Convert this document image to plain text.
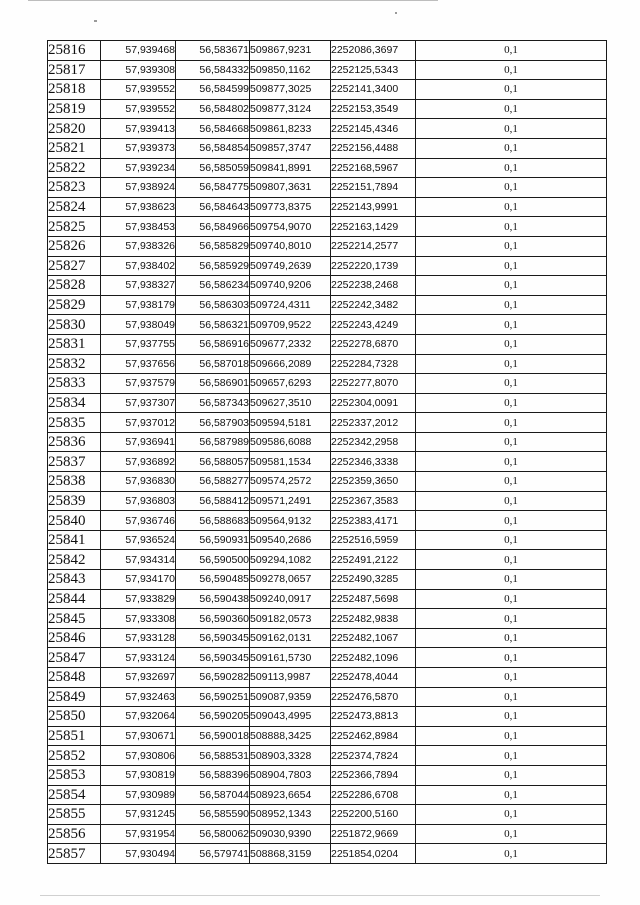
25816	57,939468	56,583671	509867,9231	2252086,3697	0,1
25817	57,939308	56,584332	509850,1162	2252125,5343	0,1
25818	57,939552	56,584599	509877,3025	2252141,3400	0,1
25819	57,939552	56,584802	509877,3124	2252153,3549	0,1
25820	57,939413	56,584668	509861,8233	2252145,4346	0,1
25821	57,939373	56,584854	509857,3747	2252156,4488	0,1
25822	57,939234	56,585059	509841,8991	2252168,5967	0,1
25823	57,938924	56,584775	509807,3631	2252151,7894	0,1
25824	57,938623	56,584643	509773,8375	2252143,9991	0,1
25825	57,938453	56,584966	509754,9070	2252163,1429	0,1
25826	57,938326	56,585829	509740,8010	2252214,2577	0,1
25827	57,938402	56,585929	509749,2639	2252220,1739	0,1
25828	57,938327	56,586234	509740,9206	2252238,2468	0,1
25829	57,938179	56,586303	509724,4311	2252242,3482	0,1
25830	57,938049	56,586321	509709,9522	2252243,4249	0,1
25831	57,937755	56,586916	509677,2332	2252278,6870	0,1
25832	57,937656	56,587018	509666,2089	2252284,7328	0,1
25833	57,937579	56,586901	509657,6293	2252277,8070	0,1
25834	57,937307	56,587343	509627,3510	2252304,0091	0,1
25835	57,937012	56,587903	509594,5181	2252337,2012	0,1
25836	57,936941	56,587989	509586,6088	2252342,2958	0,1
25837	57,936892	56,588057	509581,1534	2252346,3338	0,1
25838	57,936830	56,588277	509574,2572	2252359,3650	0,1
25839	57,936803	56,588412	509571,2491	2252367,3583	0,1
25840	57,936746	56,588683	509564,9132	2252383,4171	0,1
25841	57,936524	56,590931	509540,2686	2252516,5959	0,1
25842	57,934314	56,590500	509294,1082	2252491,2122	0,1
25843	57,934170	56,590485	509278,0657	2252490,3285	0,1
25844	57,933829	56,590438	509240,0917	2252487,5698	0,1
25845	57,933308	56,590360	509182,0573	2252482,9838	0,1
25846	57,933128	56,590345	509162,0131	2252482,1067	0,1
25847	57,933124	56,590345	509161,5730	2252482,1096	0,1
25848	57,932697	56,590282	509113,9987	2252478,4044	0,1
25849	57,932463	56,590251	509087,9359	2252476,5870	0,1
25850	57,932064	56,590205	509043,4995	2252473,8813	0,1
25851	57,930671	56,590018	508888,3425	2252462,8984	0,1
25852	57,930806	56,588531	508903,3328	2252374,7824	0,1
25853	57,930819	56,588396	508904,7803	2252366,7894	0,1
25854	57,930989	56,587044	508923,6654	2252286,6708	0,1
25855	57,931245	56,585590	508952,1343	2252200,5160	0,1
25856	57,931954	56,580062	509030,9390	2251872,9669	0,1
25857	57,930494	56,579741	508868,3159	2251854,0204	0,1
